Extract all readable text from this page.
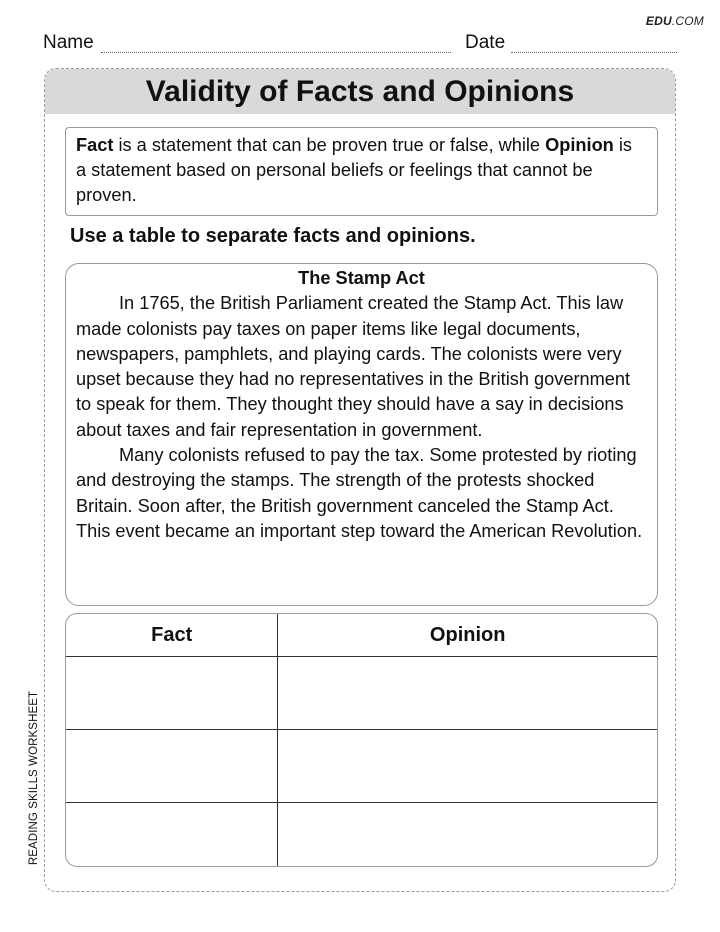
EDU.COM
Name	Date
READING SKILLS WORKSHEET
Validity of Facts and Opinions
Fact is a statement that can be proven true or false, while Opinion is a statement based on personal beliefs or feelings that cannot be proven.
Use a table to separate facts and opinions.
The Stamp Act

In 1765, the British Parliament created the Stamp Act. This law made colonists pay taxes on paper items like legal documents, newspapers, pamphlets, and playing cards. The colonists were very upset because they had no representatives in the British government to speak for them. They thought they should have a say in decisions about taxes and fair representation in government.

Many colonists refused to pay the tax. Some protested by rioting and destroying the stamps. The strength of the protests shocked Britain. Soon after, the British government canceled the Stamp Act. This event became an important step toward the American Revolution.

Fact	Opinion
